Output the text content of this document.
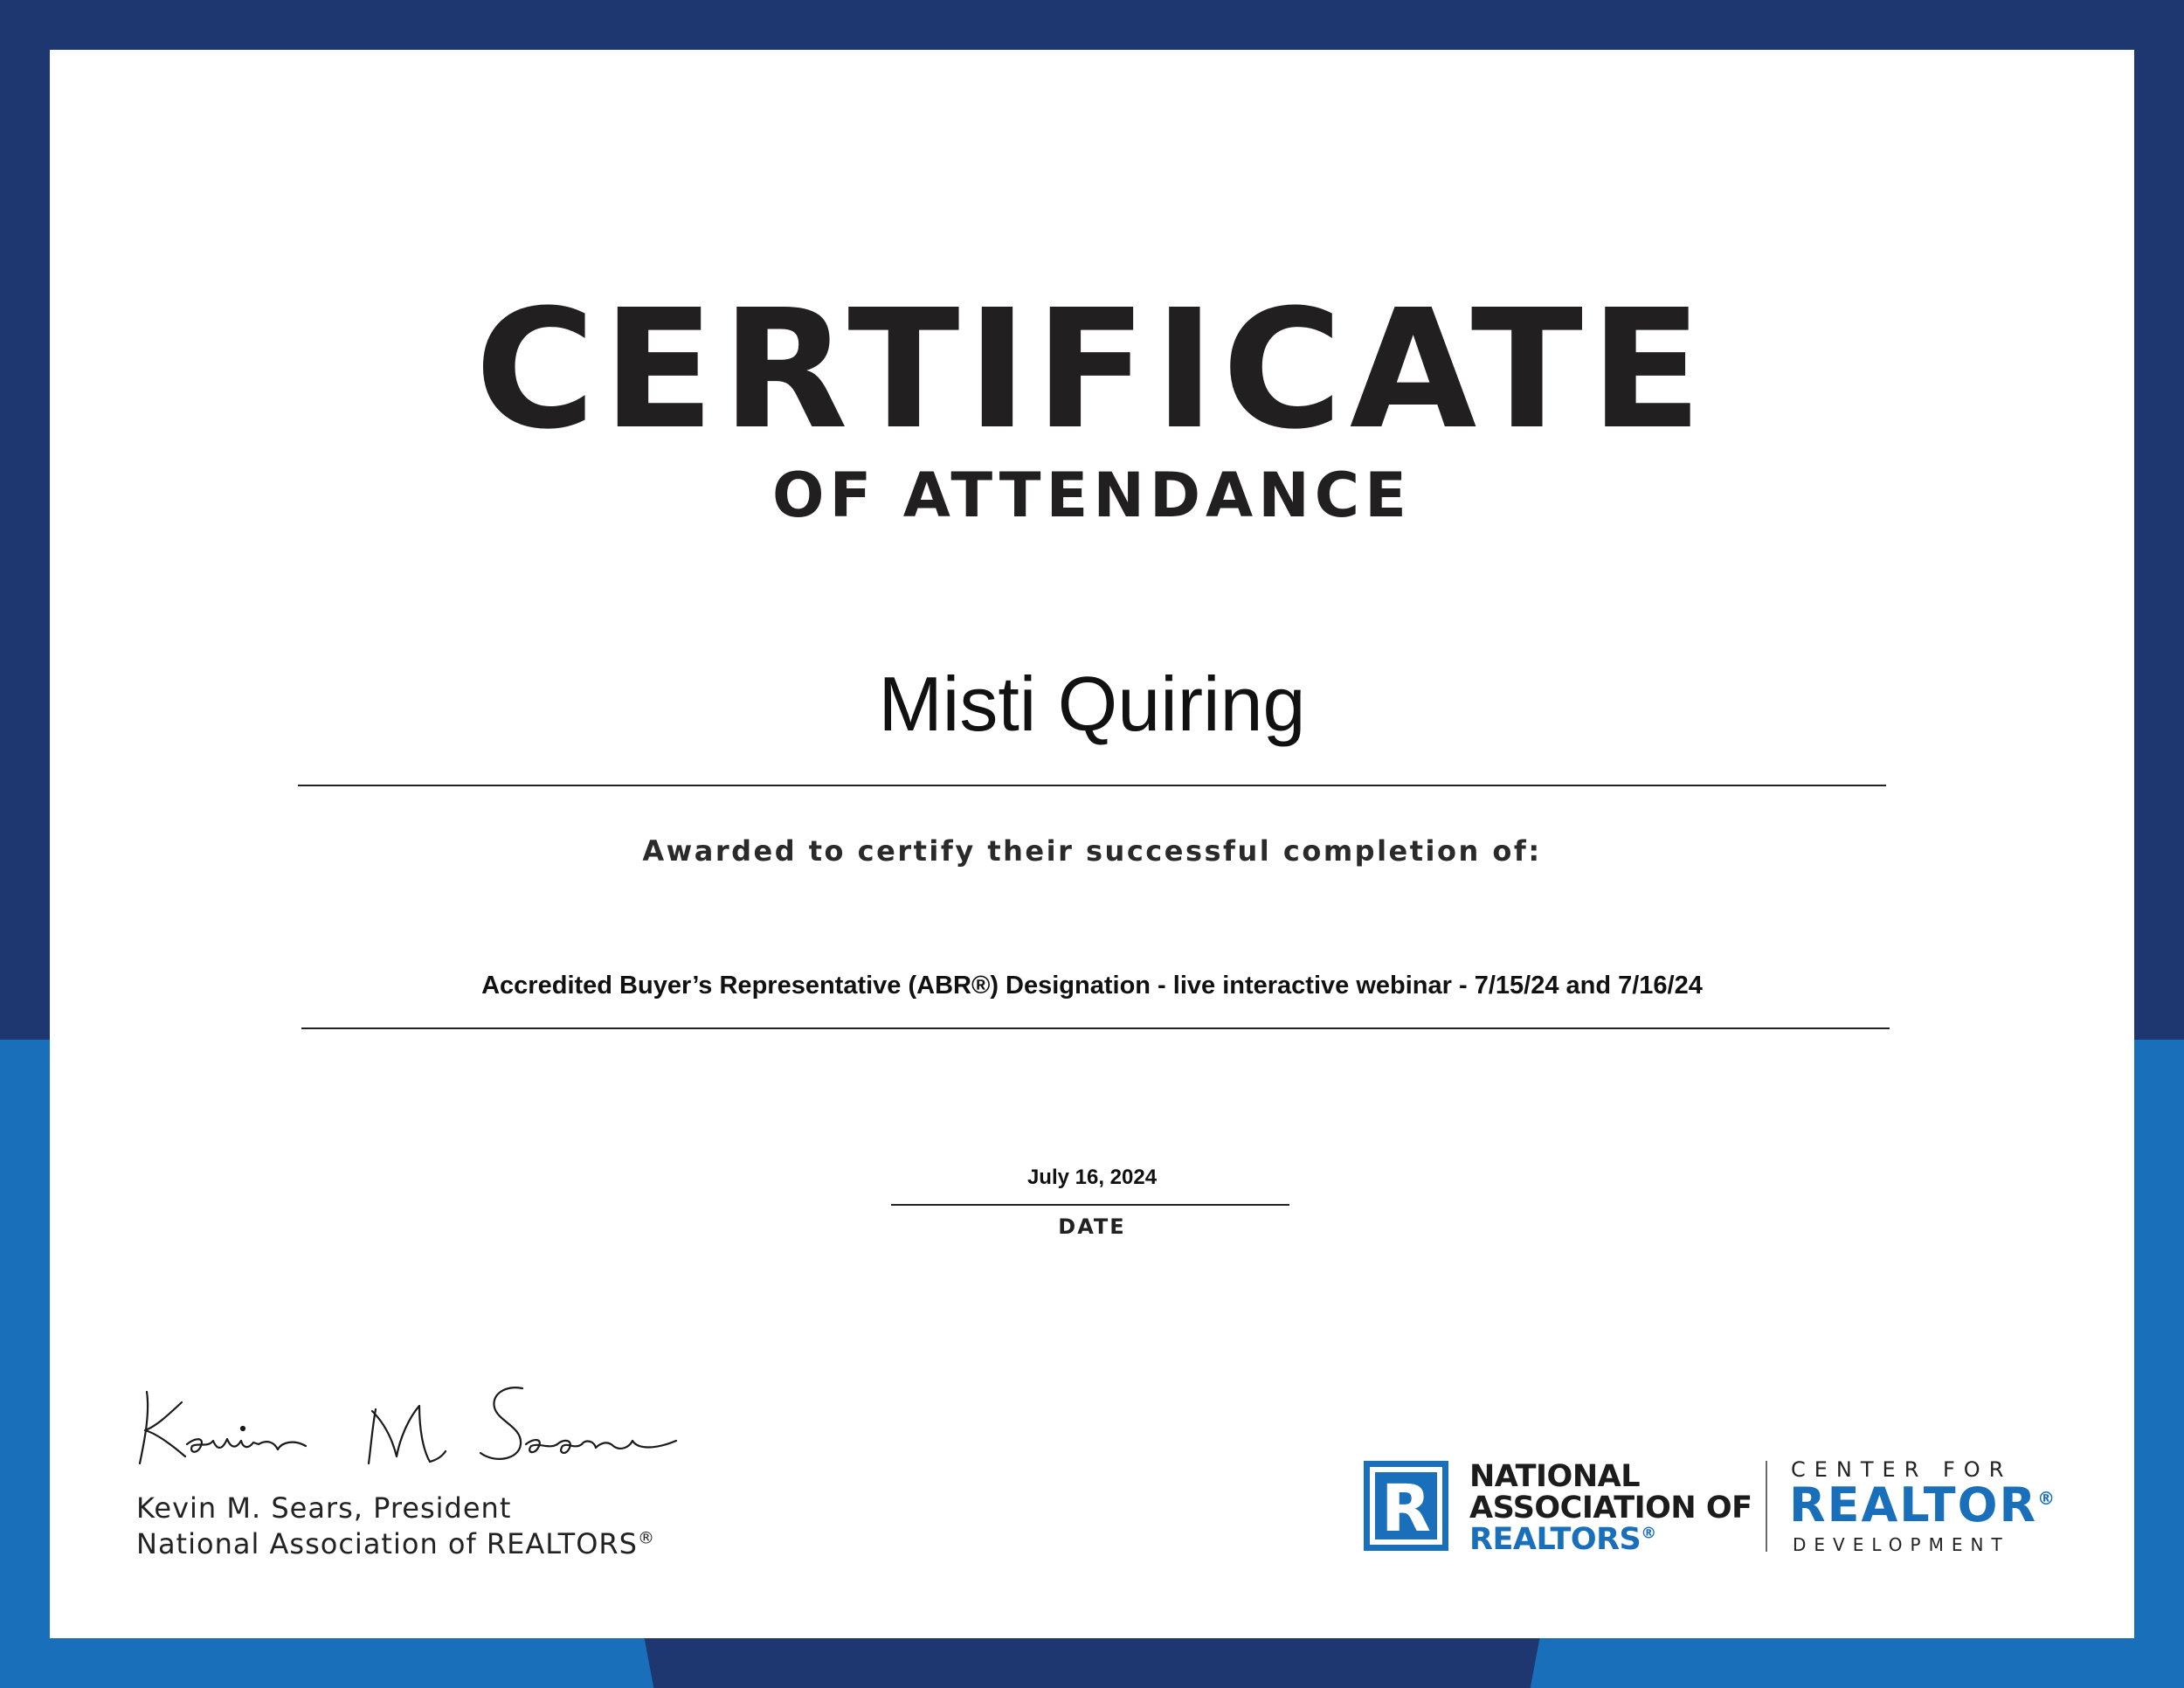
CERTIFICATE
OF ATTENDANCE
Misti Quiring
Awarded to certify their successful completion of:
Accredited Buyer’s Representative (ABR®) Designation - live interactive webinar - 7/15/24 and 7/16/24
July 16, 2024
DATE
Kevin M. Sears, President
National Association of REALTORS®	R NATIONAL
ASSOCIATION OF
REALTORS®
CENTER FOR
REALTOR®
DEVELOPMENT
